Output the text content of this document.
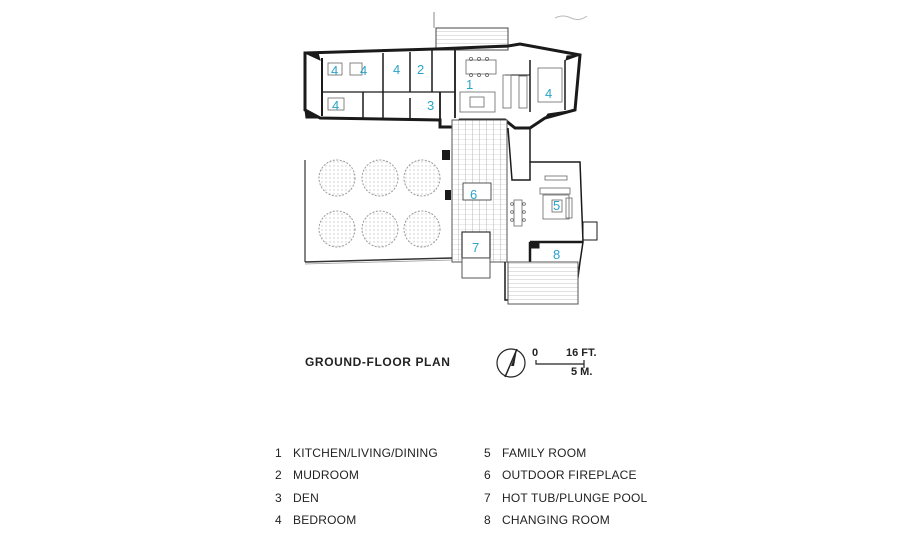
4 4 4 2
1
4
4	3
6
5
7	8
GROUND-FLOOR PLAN
0	16 FT.
5 M.
1 KITCHEN/LIVING/DINING
2 MUDROOM
3 DEN
4 BEDROOM
5 FAMILY ROOM
6 OUTDOOR FIREPLACE
7 HOT TUB/PLUNGE POOL
8 CHANGING ROOM
